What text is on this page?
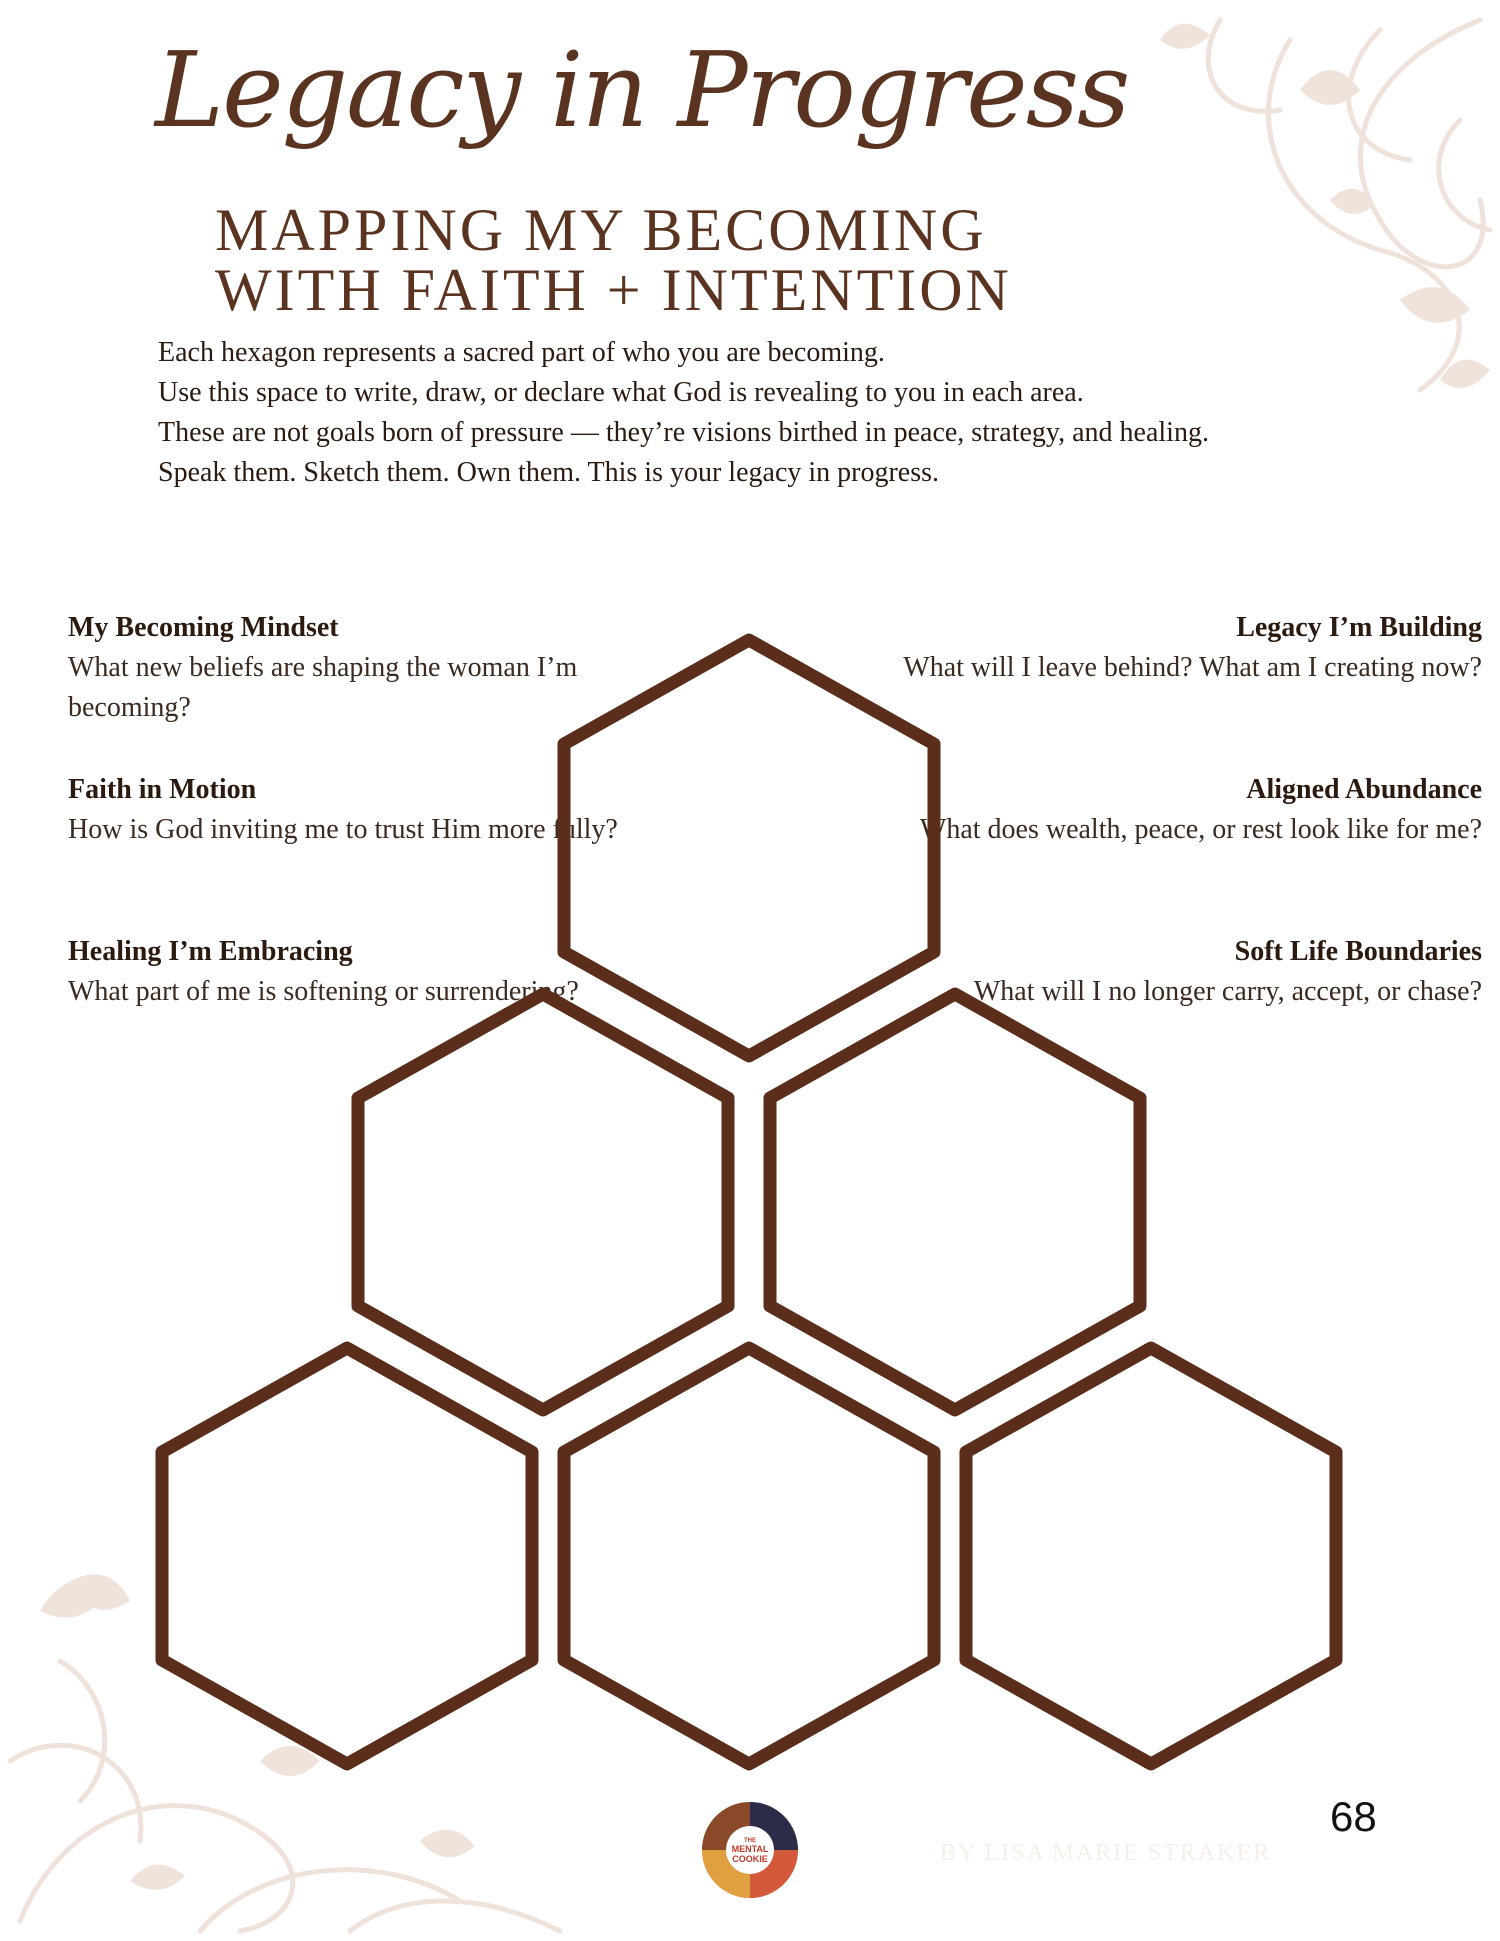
Legacy in Progress
MAPPING MY BECOMING
WITH FAITH + INTENTION

Each hexagon represents a sacred part of who you are becoming.

Use this space to write, draw, or declare what God is revealing to you in each area.

These are not goals born of pressure — they’re visions birthed in peace, strategy, and healing.

Speak them. Sketch them. Own them. This is your legacy in progress.

My Becoming Mindset
What new beliefs are shaping the woman I’m becoming?
Faith in Motion
How is God inviting me to trust Him more fully?
Healing I’m Embracing
What part of me is softening or surrendering?
Legacy I’m Building
What will I leave behind? What am I creating now?
Aligned Abundance
What does wealth, peace, or rest look like for me?
Soft Life Boundaries
What will I no longer carry, accept, or chase?
THE
MENTAL
COOKIE	BY LISA MARIE STRAKER
68
